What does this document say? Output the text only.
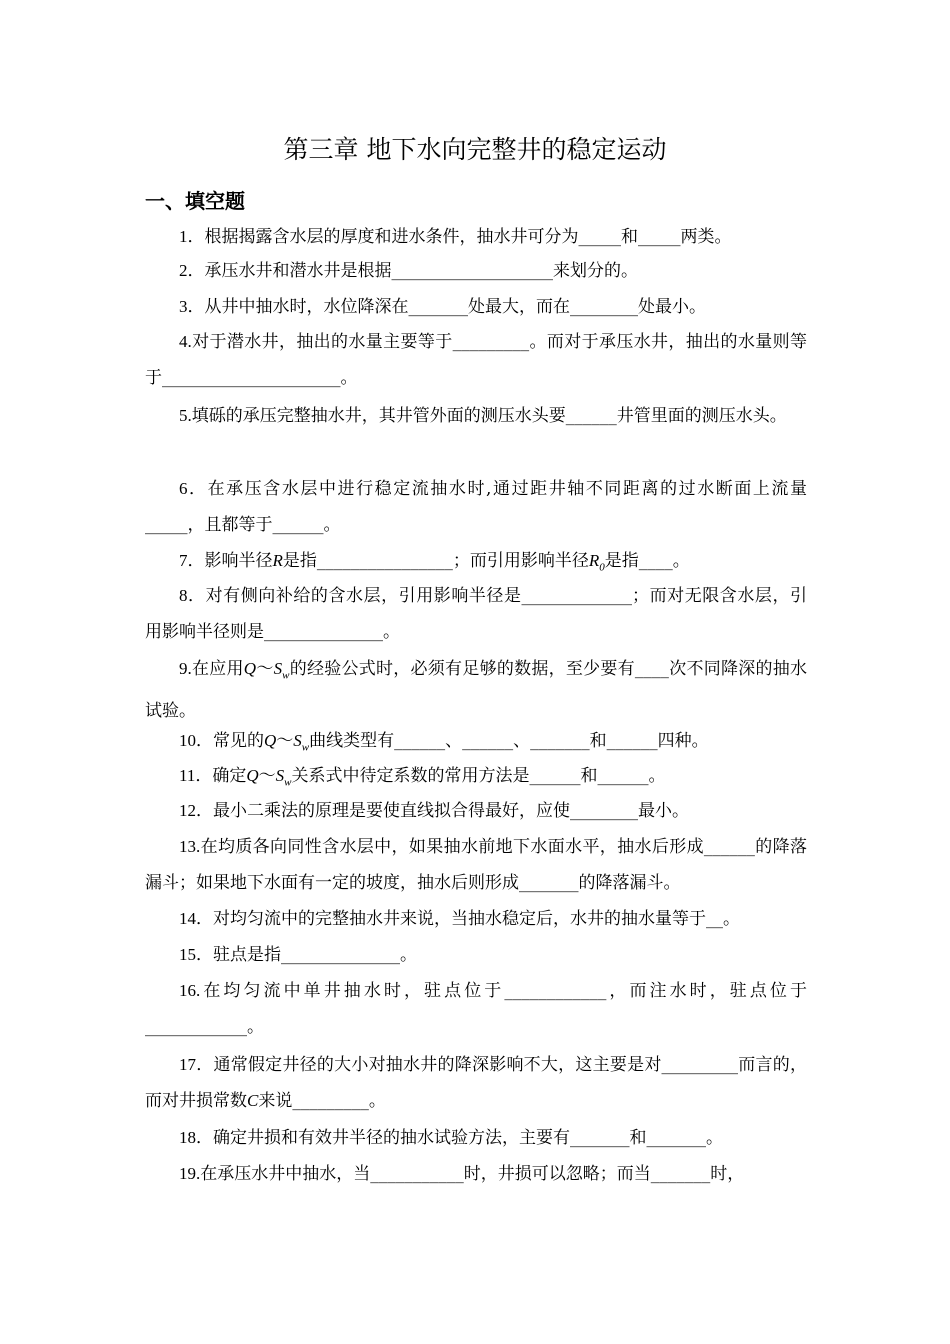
第三章 地下水向完整井的稳定运动
一、填空题

1．根据揭露含水层的厚度和进水条件，抽水井可分为_____和_____两类。

2．承压水井和潜水井是根据___________________来划分的。

3．从井中抽水时，水位降深在_______处最大，而在________处最小。

4.对于潜水井，抽出的水量主要等于_________。而对于承压水井，抽出的水量则等于_____________________。

5.填砾的承压完整抽水井，其井管外面的测压水头要______井管里面的测压水头。

6．在承压含水层中进行稳定流抽水时,通过距井轴不同距离的过水断面上流量_____，且都等于______。

7．影响半径R是指________________；而引用影响半径$R_0$是指____。

8．对有侧向补给的含水层，引用影响半径是_____________；而对无限含水层，引用影响半径则是______________。

9.在应用$Q\sim S_w$的经验公式时，必须有足够的数据，至少要有____次不同降深的抽水试验。

10．常见的$Q\sim S_w$曲线类型有______、______、_______和______四种。

11．确定$Q\sim S_w$关系式中待定系数的常用方法是______和______。

12．最小二乘法的原理是要使直线拟合得最好，应使________最小。

13.在均质各向同性含水层中，如果抽水前地下水面水平，抽水后形成______的降落漏斗；如果地下水面有一定的坡度，抽水后则形成_______的降落漏斗。

14．对均匀流中的完整抽水井来说，当抽水稳定后，水井的抽水量等于__。

15．驻点是指______________。

16.在均匀流中单井抽水时，驻点位于____________，而注水时，驻点位于____________。

17．通常假定井径的大小对抽水井的降深影响不大，这主要是对_________而言的，而对井损常数C来说_________。

18．确定井损和有效井半径的抽水试验方法，主要有_______和_______。

19.在承压水井中抽水，当___________时，井损可以忽略；而当_______时，
